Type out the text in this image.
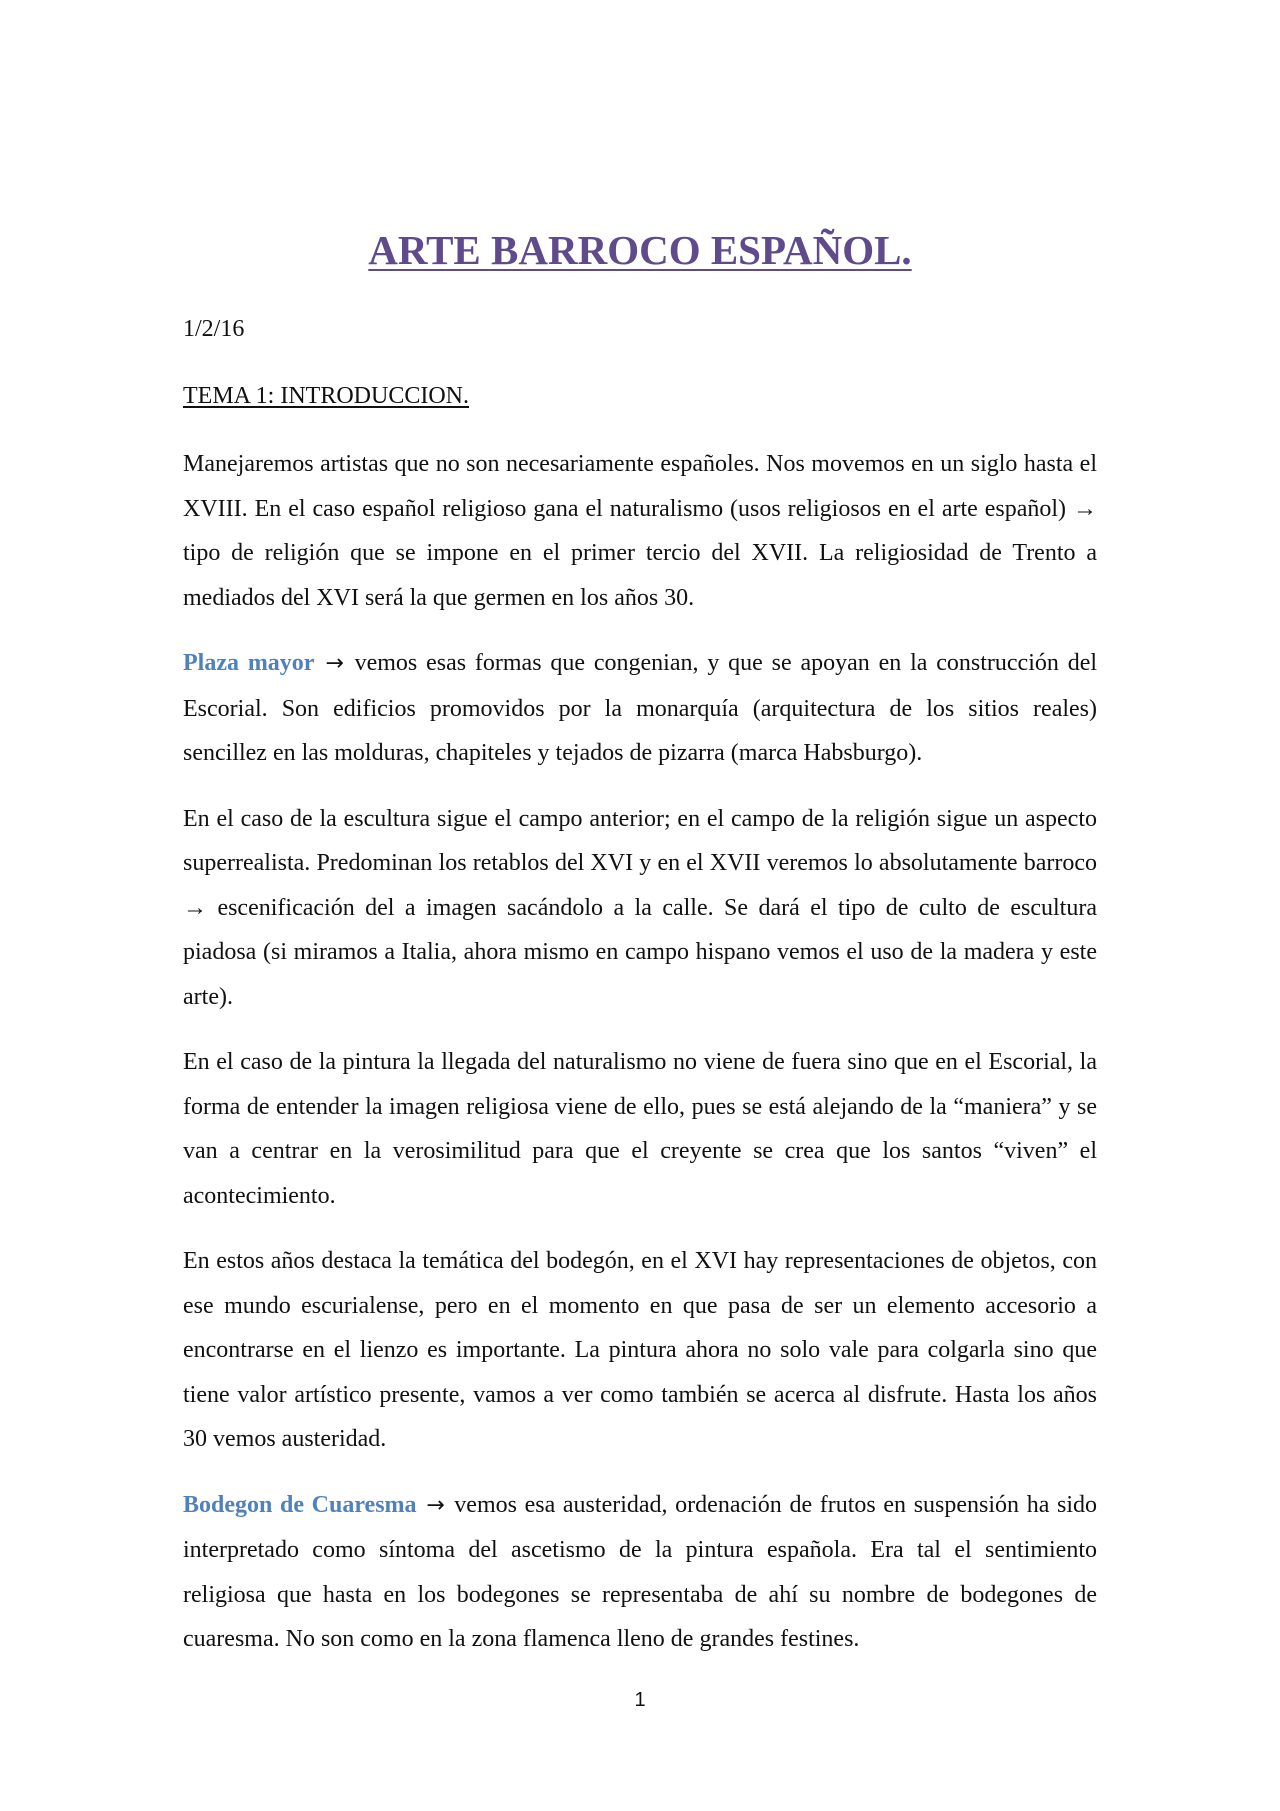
ARTE BARROCO ESPAÑOL.
1/2/16
TEMA 1: INTRODUCCION.

Manejaremos artistas que no son necesariamente españoles. Nos movemos en un siglo hasta el XVIII. En el caso español religioso gana el naturalismo (usos religiosos en el arte español) → tipo de religión que se impone en el primer tercio del XVII. La religiosidad de Trento a mediados del XVI será la que germen en los años 30.

Plaza mayor → vemos esas formas que congenian, y que se apoyan en la construcción del Escorial. Son edificios promovidos por la monarquía (arquitectura de los sitios reales) sencillez en las molduras, chapiteles y tejados de pizarra (marca Habsburgo).

En el caso de la escultura sigue el campo anterior; en el campo de la religión sigue un aspecto superrealista. Predominan los retablos del XVI y en el XVII veremos lo absolutamente barroco → escenificación del a imagen sacándolo a la calle. Se dará el tipo de culto de escultura piadosa (si miramos a Italia, ahora mismo en campo hispano vemos el uso de la madera y este arte).

En el caso de la pintura la llegada del naturalismo no viene de fuera sino que en el Escorial, la forma de entender la imagen religiosa viene de ello, pues se está alejando de la “maniera” y se van a centrar en la verosimilitud para que el creyente se crea que los santos “viven” el acontecimiento.

En estos años destaca la temática del bodegón, en el XVI hay representaciones de objetos, con ese mundo escurialense, pero en el momento en que pasa de ser un elemento accesorio a encontrarse en el lienzo es importante. La pintura ahora no solo vale para colgarla sino que tiene valor artístico presente, vamos a ver como también se acerca al disfrute. Hasta los años 30 vemos austeridad.

Bodegon de Cuaresma → vemos esa austeridad, ordenación de frutos en suspensión ha sido interpretado como síntoma del ascetismo de la pintura española. Era tal el sentimiento religiosa que hasta en los bodegones se representaba de ahí su nombre de bodegones de cuaresma. No son como en la zona flamenca lleno de grandes festines.

1
